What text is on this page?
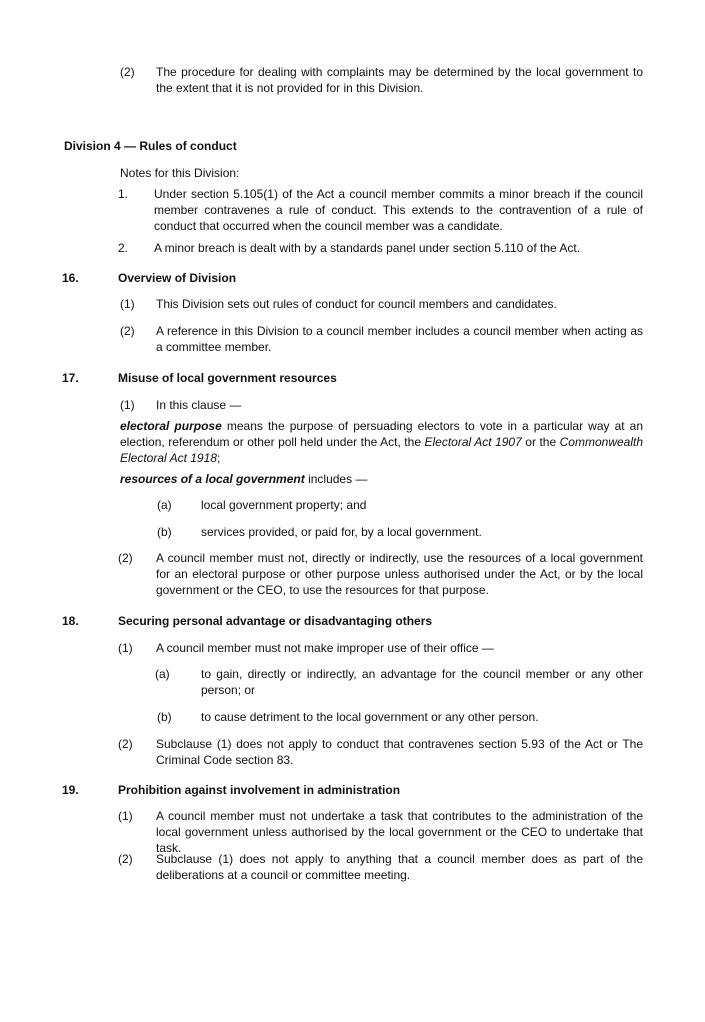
(2) The procedure for dealing with complaints may be determined by the local government to the extent that it is not provided for in this Division.
Division 4 — Rules of conduct
Notes for this Division:
1. Under section 5.105(1) of the Act a council member commits a minor breach if the council member contravenes a rule of conduct. This extends to the contravention of a rule of conduct that occurred when the council member was a candidate.
2. A minor breach is dealt with by a standards panel under section 5.110 of the Act.
16.	Overview of Division
(1) This Division sets out rules of conduct for council members and candidates.
(2) A reference in this Division to a council member includes a council member when acting as a committee member.
17.	Misuse of local government resources
(1) In this clause —
electoral purpose means the purpose of persuading electors to vote in a particular way at an election, referendum or other poll held under the Act, the Electoral Act 1907 or the Commonwealth Electoral Act 1918;
resources of a local government includes —
(a) local government property; and
(b) services provided, or paid for, by a local government.
(2) A council member must not, directly or indirectly, use the resources of a local government for an electoral purpose or other purpose unless authorised under the Act, or by the local government or the CEO, to use the resources for that purpose.
18.	Securing personal advantage or disadvantaging others
(1) A council member must not make improper use of their office —
(a)	to gain, directly or indirectly, an advantage for the council member or any other person; or
(b) to cause detriment to the local government or any other person.
(2) Subclause (1) does not apply to conduct that contravenes section 5.93 of the Act or The Criminal Code section 83.
19.	Prohibition against involvement in administration
(1) A council member must not undertake a task that contributes to the administration of the local government unless authorised by the local government or the CEO to undertake that task.
(2) Subclause (1) does not apply to anything that a council member does as part of the deliberations at a council or committee meeting.
